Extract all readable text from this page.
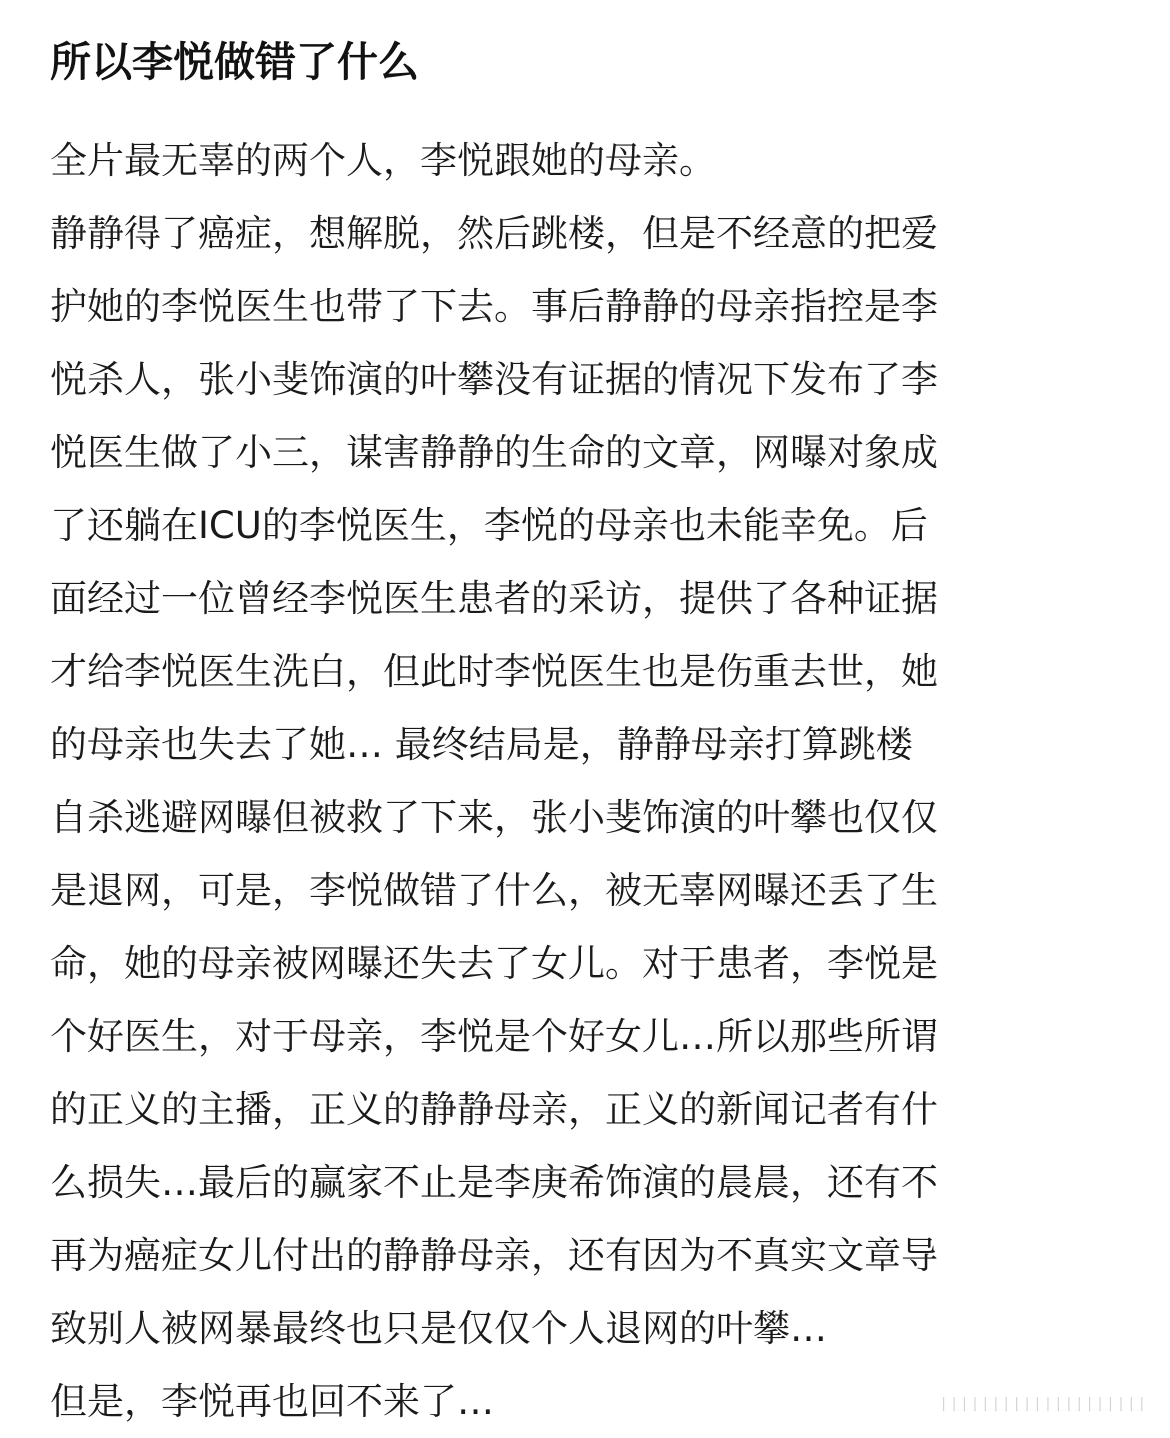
所以李悦做错了什么
全片最无辜的两个人，李悦跟她的母亲。
静静得了癌症，想解脱，然后跳楼，但是不经意的把爱
护她的李悦医生也带了下去。事后静静的母亲指控是李
悦杀人，张小斐饰演的叶攀没有证据的情况下发布了李
悦医生做了小三，谋害静静的生命的文章，网曝对象成
了还躺在ICU的李悦医生，李悦的母亲也未能幸免。后
面经过一位曾经李悦医生患者的采访，提供了各种证据
才给李悦医生洗白，但此时李悦医生也是伤重去世，她
的母亲也失去了她… 最终结局是，静静母亲打算跳楼
自杀逃避网曝但被救了下来，张小斐饰演的叶攀也仅仅
是退网，可是，李悦做错了什么，被无辜网曝还丢了生
命，她的母亲被网曝还失去了女儿。对于患者，李悦是
个好医生，对于母亲，李悦是个好女儿…所以那些所谓
的正义的主播，正义的静静母亲，正义的新闻记者有什
么损失…最后的赢家不止是李庚希饰演的晨晨，还有不
再为癌症女儿付出的静静母亲，还有因为不真实文章导
致别人被网暴最终也只是仅仅个人退网的叶攀…
但是，李悦再也回不来了…	||||||||||||||||||||
